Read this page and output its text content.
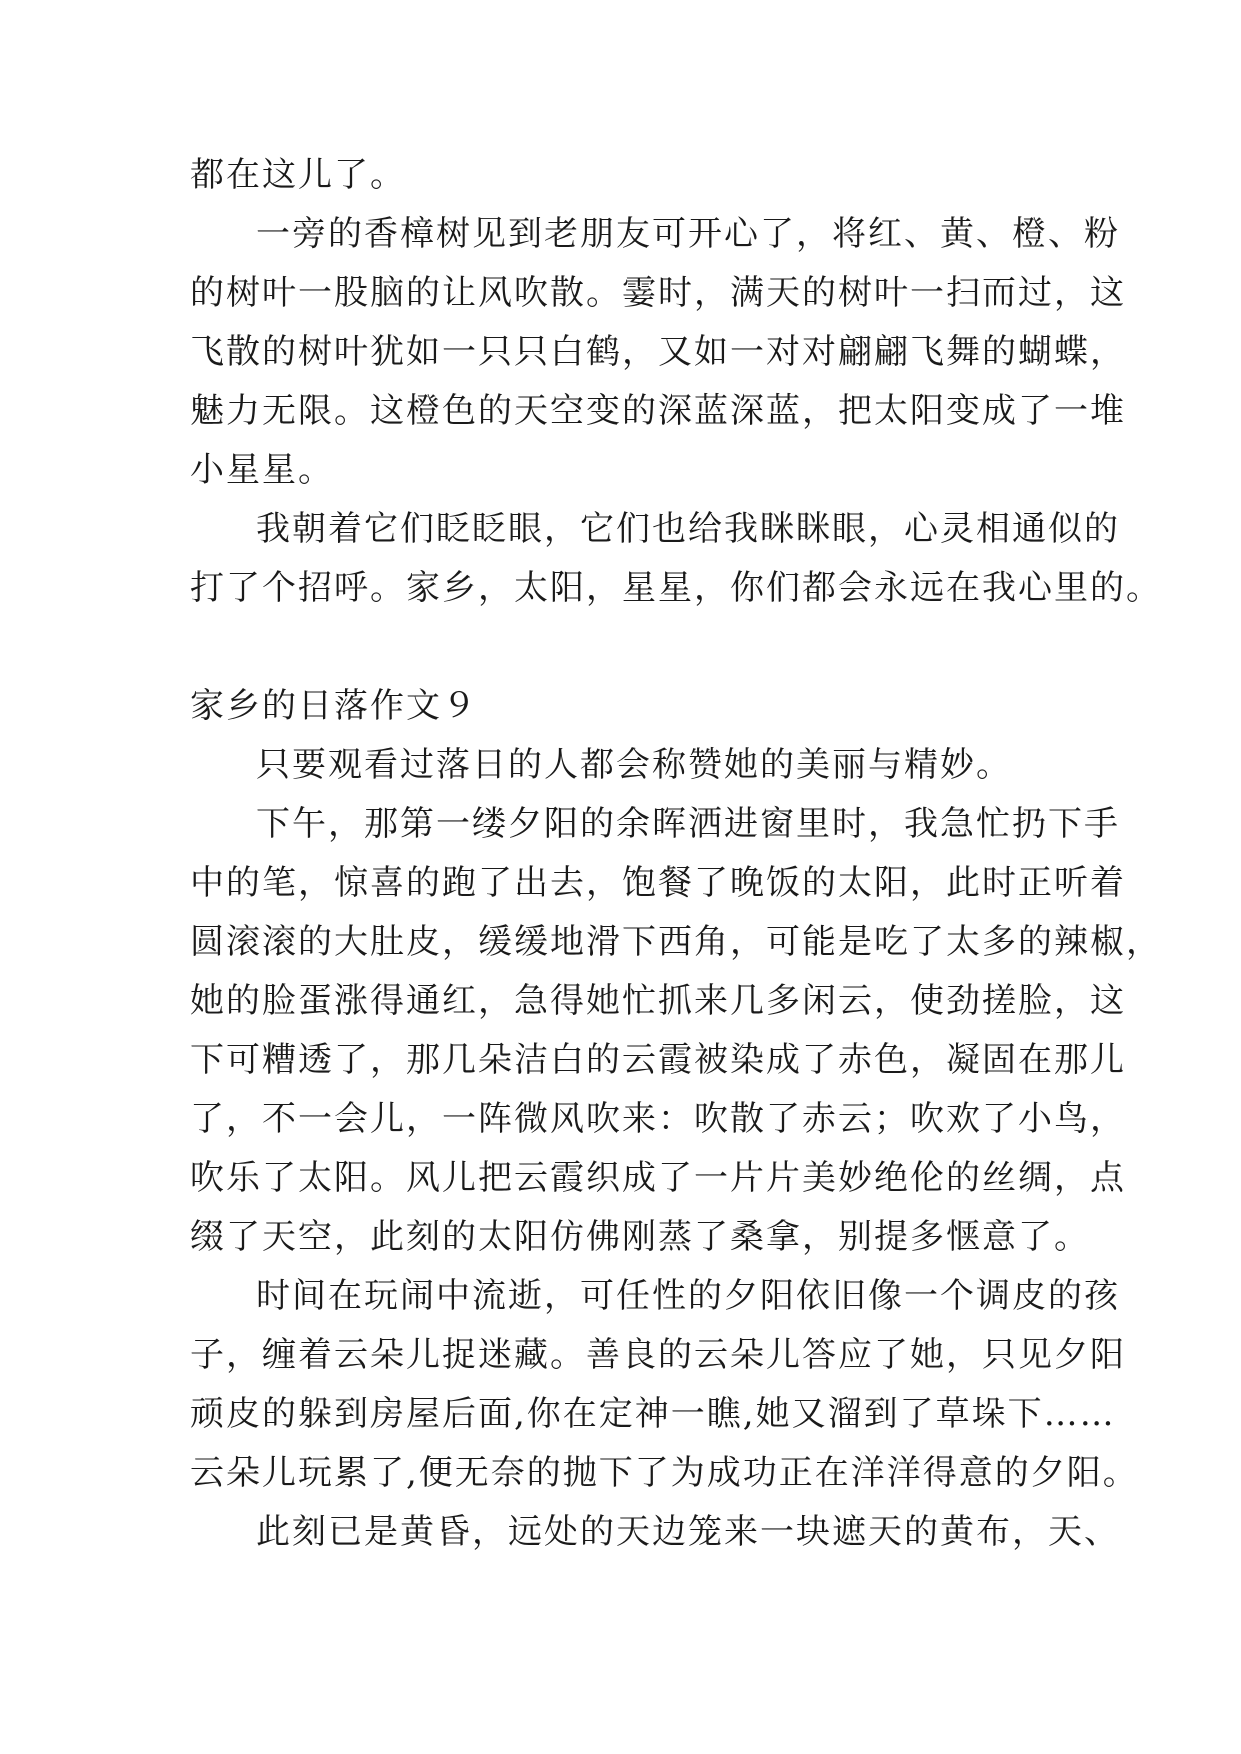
都在这儿了。
一旁的香樟树见到老朋友可开心了，将红、黄、橙、粉
的树叶一股脑的让风吹散。霎时，满天的树叶一扫而过，这
飞散的树叶犹如一只只白鹤，又如一对对翩翩飞舞的蝴蝶，
魅力无限。这橙色的天空变的深蓝深蓝，把太阳变成了一堆
小星星。
我朝着它们眨眨眼，它们也给我眯眯眼，心灵相通似的
打了个招呼。家乡，太阳，星星，你们都会永远在我心里的。
家乡的日落作文９
只要观看过落日的人都会称赞她的美丽与精妙。
下午，那第一缕夕阳的余晖洒进窗里时，我急忙扔下手
中的笔，惊喜的跑了出去，饱餐了晚饭的太阳，此时正听着
圆滚滚的大肚皮，缓缓地滑下西角，可能是吃了太多的辣椒，
她的脸蛋涨得通红，急得她忙抓来几多闲云，使劲搓脸，这
下可糟透了，那几朵洁白的云霞被染成了赤色，凝固在那儿
了，不一会儿，一阵微风吹来：吹散了赤云；吹欢了小鸟，
吹乐了太阳。风儿把云霞织成了一片片美妙绝伦的丝绸，点
缀了天空，此刻的太阳仿佛刚蒸了桑拿，别提多惬意了。
时间在玩闹中流逝，可任性的夕阳依旧像一个调皮的孩
子，缠着云朵儿捉迷藏。善良的云朵儿答应了她，只见夕阳
顽皮的躲到房屋后面,你在定神一瞧,她又溜到了草垛下……
云朵儿玩累了,便无奈的抛下了为成功正在洋洋得意的夕阳。
此刻已是黄昏，远处的天边笼来一块遮天的黄布，天、
